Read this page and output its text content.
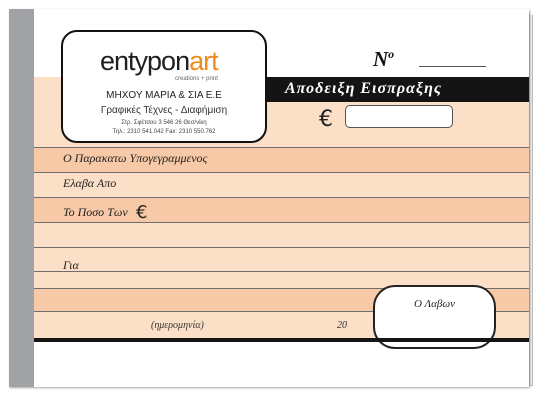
Αποδειξη Εισπραξης
$N^o$
€
Ο Παρακατω Υπογεγραμμενος
Ελαβα Απο
Το Ποσο Των €
Για
(ημερομηνία)	20
Ο Λαβων
entyponart
creations + print
ΜΗΧΟΥ ΜΑΡΙΑ & ΣΙΑ Ε.Ε
Γραφικές Τέχνες - Διαφήμιση
Στρ. Σφέτσου 3 546 26 Θεσ/νίκη
Τηλ.: 2310 541.042 Fax: 2310 550.762
